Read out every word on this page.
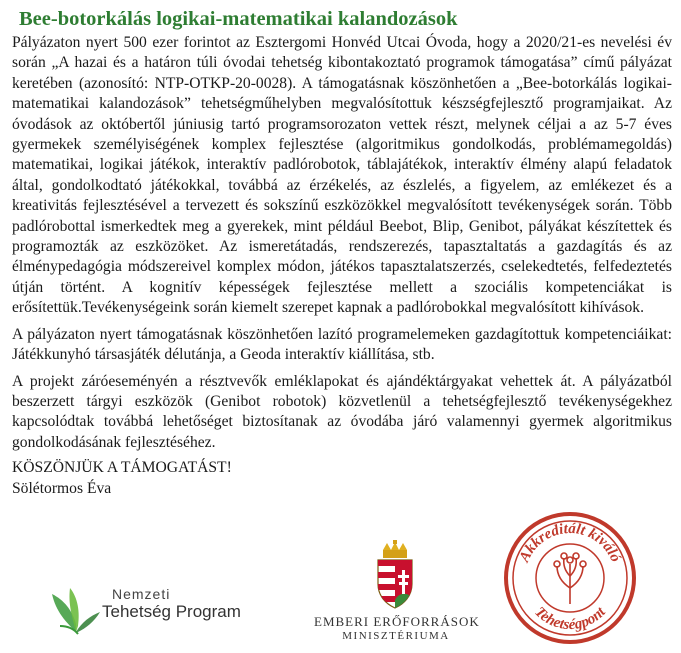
Bee-botorkálás logikai-matematikai kalandozások

Pályázaton nyert 500 ezer forintot az Esztergomi Honvéd Utcai Óvoda, hogy a 2020/21-es nevelési év során „A hazai és a határon túli óvodai tehetség kibontakoztató programok támogatása” című pályázat keretében (azonosító: NTP-OTKP-20-0028). A támogatásnak köszönhetően a „Bee-botorkálás logikai-matematikai kalandozások” tehetségműhelyben megvalósítottuk készségfejlesztő programjaikat. Az óvodások az októbertől júniusig tartó programsorozaton vettek részt, melynek céljai a az 5-7 éves gyermekek személyiségének komplex fejlesztése (algoritmikus gondolkodás, problémamegoldás) matematikai, logikai játékok, interaktív padlórobotok, táblajátékok, interaktív élmény alapú feladatok által, gondolkodtató játékokkal, továbbá az érzékelés, az észlelés, a figyelem, az emlékezet és a kreativitás fejlesztésével a tervezett és sokszínű eszközökkel megvalósított tevékenységek során. Több padlórobottal ismerkedtek meg a gyerekek, mint például Beebot, Blip, Genibot, pályákat készítettek és programozták az eszközöket. Az ismeretátadás, rendszerezés, tapasztaltatás a gazdagítás és az élménypedagógia módszereivel komplex módon, játékos tapasztalatszerzés, cselekedtetés, felfedeztetés útján történt. A kognitív képességek fejlesztése mellett a szociális kompetenciákat is erősítettük.Tevékenységeink során kiemelt szerepet kapnak a padlórobokkal megvalósított kihívások.

A pályázaton nyert támogatásnak köszönhetően lazító programelemeken gazdagítottuk kompetenciáikat: Játékkunyhó társasjáték délutánja, a Geoda interaktív kiállítása, stb.

A projekt záróeseményén a résztvevők emléklapokat és ajándéktárgyakat vehettek át. A pályázatból beszerzett tárgyi eszközök (Genibot robotok) közvetlenül a tehetségfejlesztő tevékenységekhez kapcsolódtak továbbá lehetőséget biztosítanak az óvodába járó valamennyi gyermek algoritmikus gondolkodásának fejlesztéséhez.

KÖSZÖNJÜK A TÁMOGATÁST!

Sölétormos Éva

Nemzeti
Tehetség Program
EMBERI ERŐFORRÁSOK
MINISZTÉRIUMA
Akkreditált kiváló
Tehetségpont
